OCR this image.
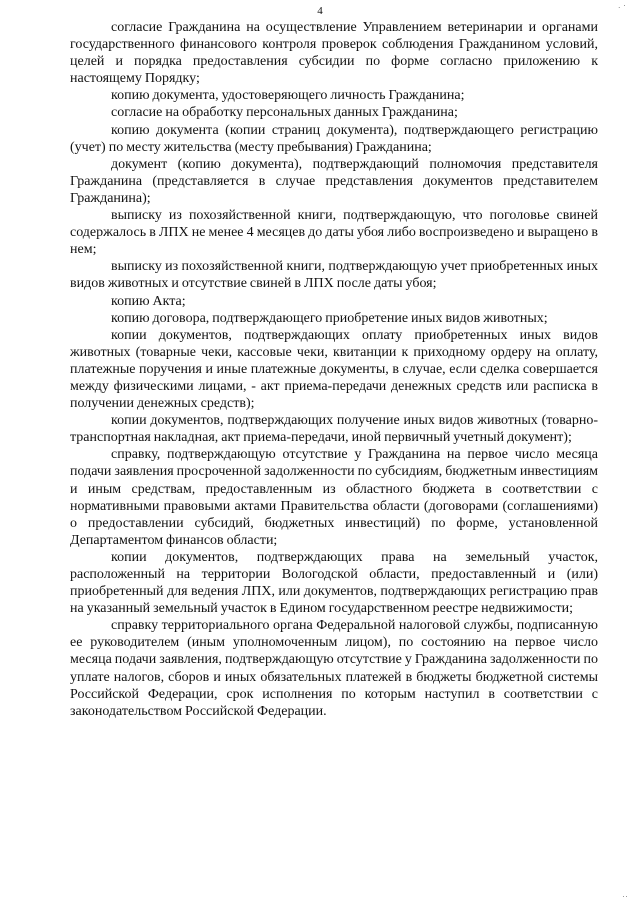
. ·
4

согласие Гражданина на осуществление Управлением ветеринарии и органами государственного финансового контроля проверок соблюдения Гражданином условий, целей и порядка предоставления субсидии по форме согласно приложению к настоящему Порядку;

копию документа, удостоверяющего личность Гражданина;

согласие на обработку персональных данных Гражданина;

копию документа (копии страниц документа), подтверждающего регистрацию (учет) по месту жительства (месту пребывания) Гражданина;

документ (копию документа), подтверждающий полномочия представителя Гражданина (представляется в случае представления документов представителем Гражданина);

выписку из похозяйственной книги, подтверждающую, что поголовье свиней содержалось в ЛПХ не менее 4 месяцев до даты убоя либо воспроизведено и выращено в нем;

выписку из похозяйственной книги, подтверждающую учет приобретенных иных видов животных и отсутствие свиней в ЛПХ после даты убоя;

копию Акта;

копию договора, подтверждающего приобретение иных видов животных;

копии документов, подтверждающих оплату приобретенных иных видов животных (товарные чеки, кассовые чеки, квитанции к приходному ордеру на оплату, платежные поручения и иные платежные документы, в случае, если сделка совершается между физическими лицами, - акт приема-передачи денежных средств или расписка в получении денежных средств);

копии документов, подтверждающих получение иных видов животных (товарно-транспортная накладная, акт приема-передачи, иной первичный учетный документ);

справку, подтверждающую отсутствие у Гражданина на первое число месяца подачи заявления просроченной задолженности по субсидиям, бюджетным инвестициям и иным средствам, предоставленным из областного бюджета в соответствии с нормативными правовыми актами Правительства области (договорами (соглашениями) о предоставлении субсидий, бюджетных инвестиций) по форме, установленной Департаментом финансов области;

копии документов, подтверждающих права на земельный участок, расположенный на территории Вологодской области, предоставленный и (или) приобретенный для ведения ЛПХ, или документов, подтверждающих регистрацию прав на указанный земельный участок в Едином государственном реестре недвижимости;

справку территориального органа Федеральной налоговой службы, подписанную ее руководителем (иным уполномоченным лицом), по состоянию на первое число месяца подачи заявления, подтверждающую отсутствие у Гражданина задолженности по уплате налогов, сборов и иных обязательных платежей в бюджеты бюджетной системы Российской Федерации, срок исполнения по которым наступил в соответствии с законодательством Российской Федерации.

··
